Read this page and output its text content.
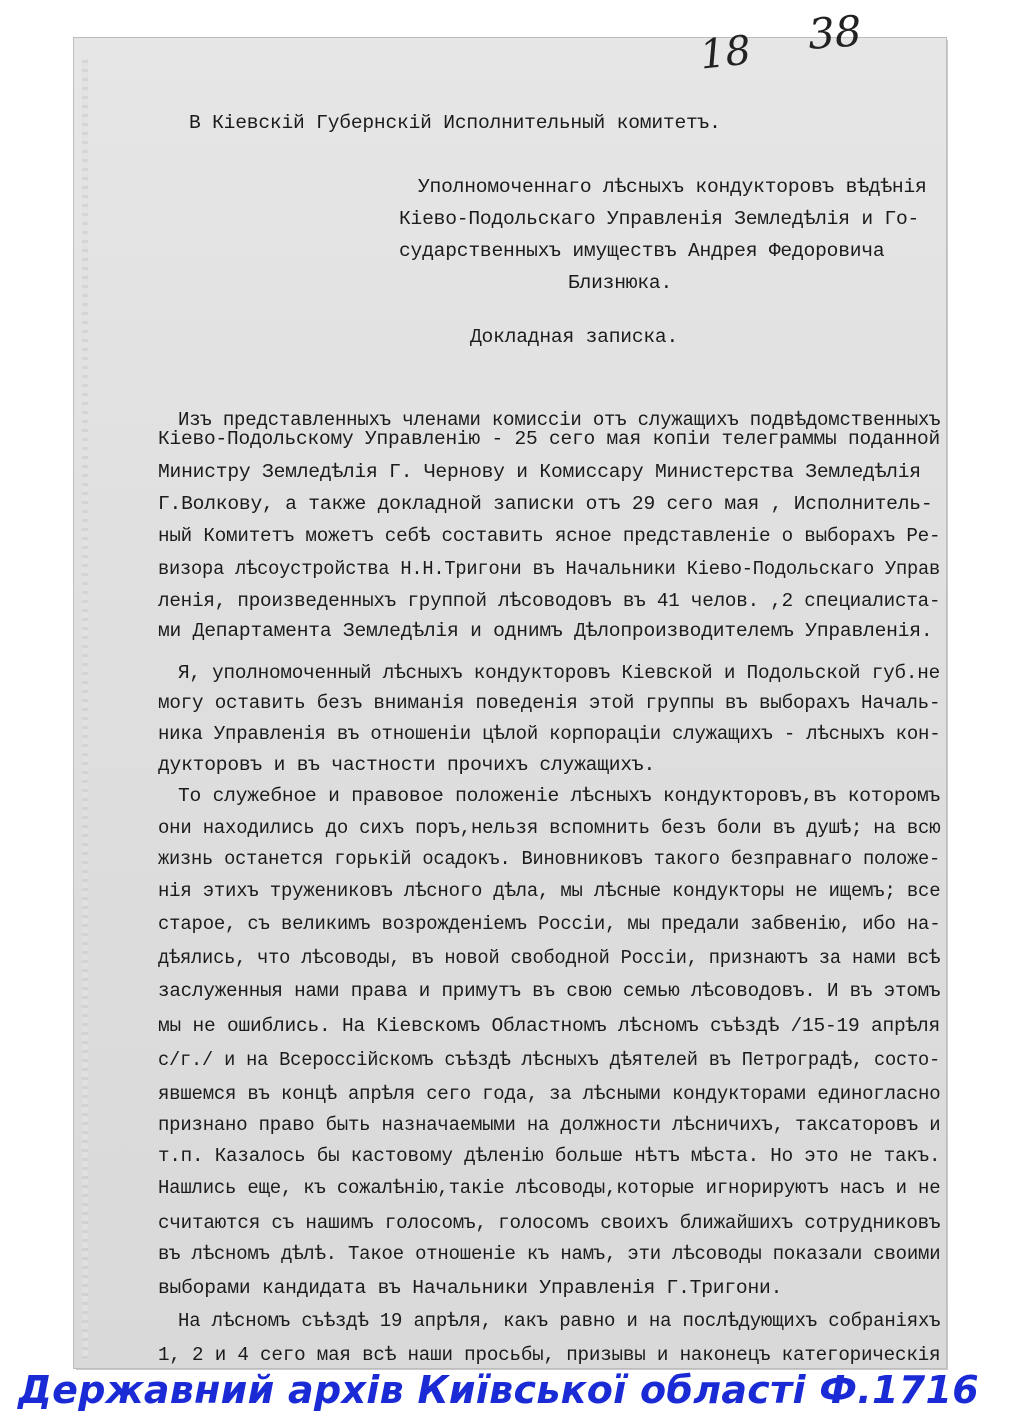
18 38
В Кіевскій Губернскій Исполнительный комитетъ.
Уполномоченнаго лѣсныхъ кондукторовъ вѣдѣнія
Кіево-Подольскаго Управленія Земледѣлія и Го-
сударственныхъ имуществъ Андрея Федоровича
Близнюка.
Докладная записка.
Изъ представленныхъ членами комиссіи отъ служащихъ подвѣдомственныхъ
Кіево-Подольскому Управленію - 25 сего мая копіи телеграммы поданной
Министру Земледѣлія Г. Чернову и Комиссару Министерства Земледѣлія
Г.Волкову, а также докладной записки отъ 29 сего мая , Исполнитель-
ный Комитетъ можетъ себѣ составить ясное представленіе о выборахъ Ре-
визора лѣсоустройства Н.Н.Тригони въ Начальники Кіево-Подольскаго Управ
ленія, произведенныхъ группой лѣсоводовъ въ 41 челов. ,2 специалиста-
ми Департамента Земледѣлія и однимъ Дѣлопроизводителемъ Управленія.
Я, уполномоченный лѣсныхъ кондукторовъ Кіевской и Подольской губ.не
могу оставить безъ вниманія поведенія этой группы въ выборахъ Началь-
ника Управленія въ отношеніи цѣлой корпораціи служащихъ - лѣсныхъ кон-
дукторовъ и въ частности прочихъ служащихъ.
То служебное и правовое положеніе лѣсныхъ кондукторовъ,въ которомъ
они находились до сихъ поръ,нельзя вспомнить безъ боли въ душѣ; на всю
жизнь останется горькій осадокъ. Виновниковъ такого безправнаго положе-
нія этихъ тружениковъ лѣсного дѣла, мы лѣсные кондукторы не ищемъ; все
старое, съ великимъ возрожденіемъ Россіи, мы предали забвенію, ибо на-
дѣялись, что лѣсоводы, въ новой свободной Россіи, признаютъ за нами всѣ
заслуженныя нами права и примутъ въ свою семью лѣсоводовъ. И въ этомъ
мы не ошиблись. На Кіевскомъ Областномъ лѣсномъ съѣздѣ /15-19 апрѣля
с/г./ и на Всероссійскомъ съѣздѣ лѣсныхъ дѣятелей въ Петроградѣ, состо-
явшемся въ концѣ апрѣля сего года, за лѣсными кондукторами единогласно
признано право быть назначаемыми на должности лѣсничихъ, таксаторовъ и
т.п. Казалось бы кастовому дѣленію больше нѣтъ мѣста. Но это не такъ.
Нашлись еще, къ сожалѣнію,такіе лѣсоводы,которые игнорируютъ насъ и не
считаются съ нашимъ голосомъ, голосомъ своихъ ближайшихъ сотрудниковъ
въ лѣсномъ дѣлѣ. Такое отношеніе къ намъ, эти лѣсоводы показали своими
выборами кандидата въ Начальники Управленія Г.Тригони.
На лѣсномъ съѣздѣ 19 апрѣля, какъ равно и на послѣдующихъ собраніяхъ
1, 2 и 4 сего мая всѣ наши просьбы, призывы и наконецъ категорическія
Державний архів Київської області Ф.1716
